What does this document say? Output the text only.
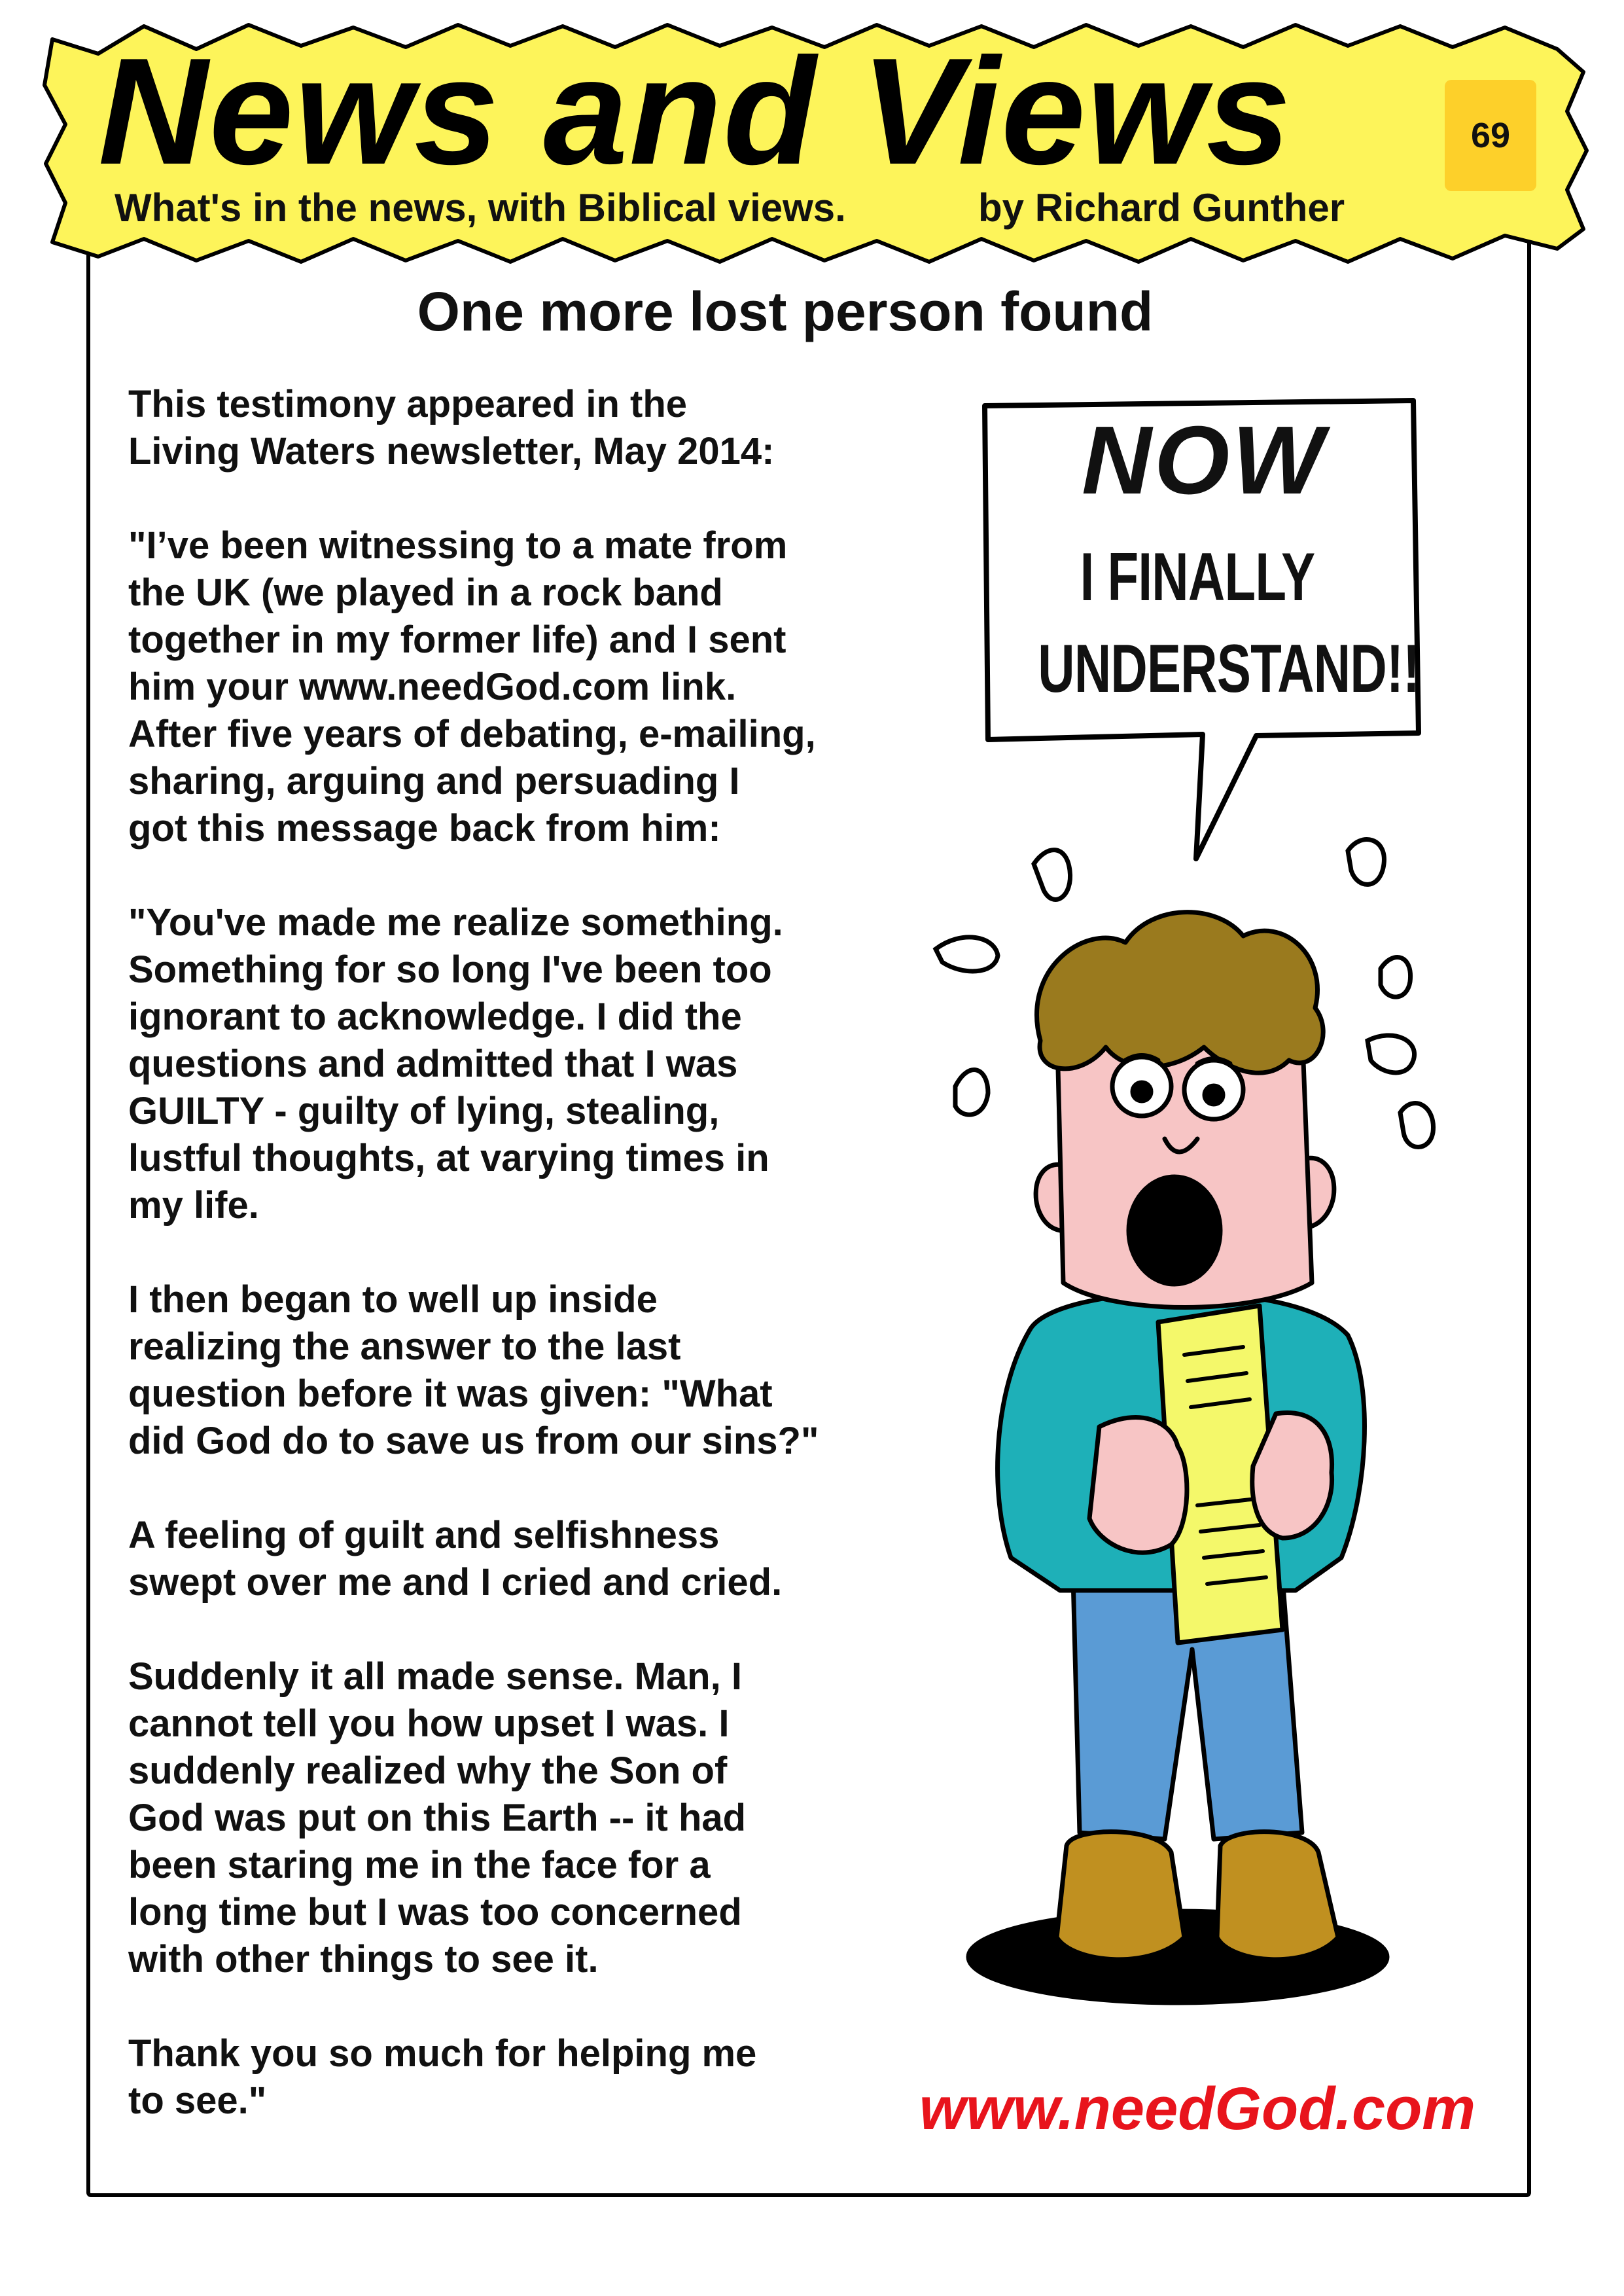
News and Views	69
What's in the news, with Biblical views.	by Richard Gunther
One more lost person found

This testimony appeared in the
Living Waters newsletter, May 2014:

"I’ve been witnessing to a mate from
the UK (we played in a rock band
together in my former life) and I sent
him your www.needGod.com link.
After five years of debating, e-mailing,
sharing, arguing and persuading I
got this message back from him:

"You've made me realize something.
Something for so long I've been too
ignorant to acknowledge. I did the
questions and admitted that I was
GUILTY - guilty of lying, stealing,
lustful thoughts, at varying times in
my life.

I then began to well up inside
realizing the answer to the last
question before it was given: "What
did God do to save us from our sins?"

A feeling of guilt and selfishness
swept over me and I cried and cried.

Suddenly it all made sense. Man, I
cannot tell you how upset I was. I
suddenly realized why the Son of
God was put on this Earth -- it had
been staring me in the face for a
long time but I was too concerned
with other things to see it.

Thank you so much for helping me
to see."

NOW
I FINALLY
UNDERSTAND!!
www.needGod.com
